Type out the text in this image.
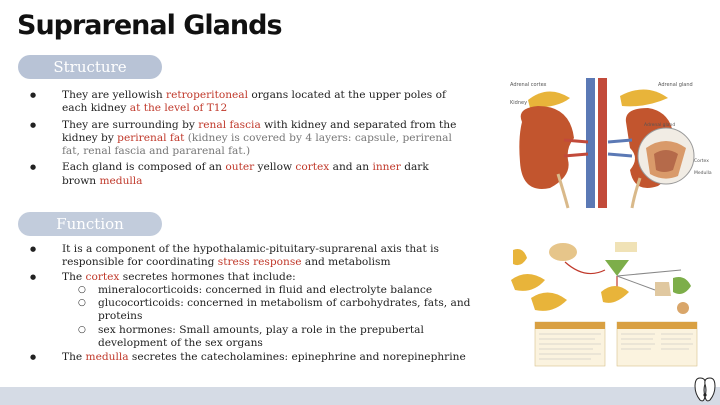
Suprarenal Glands
Structure
● They are yellowish retroperitoneal organs located at the upper poles of each kidney at the level of T12
● They are surrounding by renal fascia with kidney and separated from the kidney by perirenal fat (kidney is covered by 4 layers: capsule, perirenal fat, renal fascia and pararenal fat.)
● Each gland is composed of an outer yellow cortex and an inner dark brown medulla
Adrenal cortex	Adrenal gland
Kidney
Adrenal gland
Cortex
Medulla
Function
● It is a component of the hypothalamic-pituitary-suprarenal axis that is responsible for coordinating stress response and metabolism
● The cortex secretes hormones that include:
○ mineralocorticoids: concerned in fluid and electrolyte balance
○ glucocorticoids: concerned in metabolism of carbohydrates, fats, and proteins
○ sex hormones: Small amounts, play a role in the prepubertal development of the sex organs
● The medulla secretes the catecholamines: epinephrine and norepinephrine
